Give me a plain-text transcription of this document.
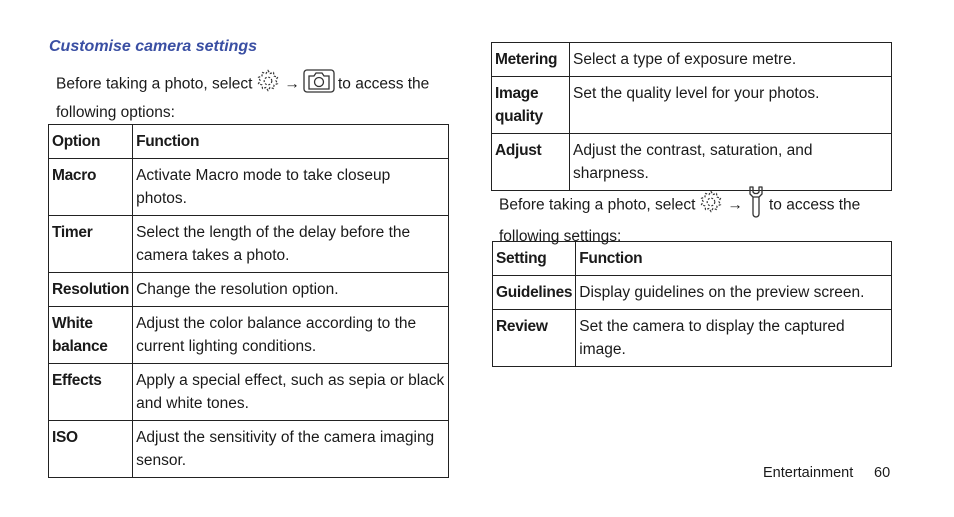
Customise camera settings
Before taking a photo, select → to access the
following options:
Option	Function
Macro	Activate Macro mode to take closeup photos.
Timer	Select the length of the delay before the camera takes a photo.
Resolution	Change the resolution option.
White balance	Adjust the color balance according to the current lighting conditions.
Effects	Apply a special effect, such as sepia or black and white tones.
ISO	Adjust the sensitivity of the camera imaging sensor.
Metering	Select a type of exposure metre.
Image quality	Set the quality level for your photos.
Adjust	Adjust the contrast, saturation, and sharpness.
Before taking a photo, select → to access the
following settings:
Setting	Function
Guidelines	Display guidelines on the preview screen.
Review	Set the camera to display the captured image.
Entertainment 60
